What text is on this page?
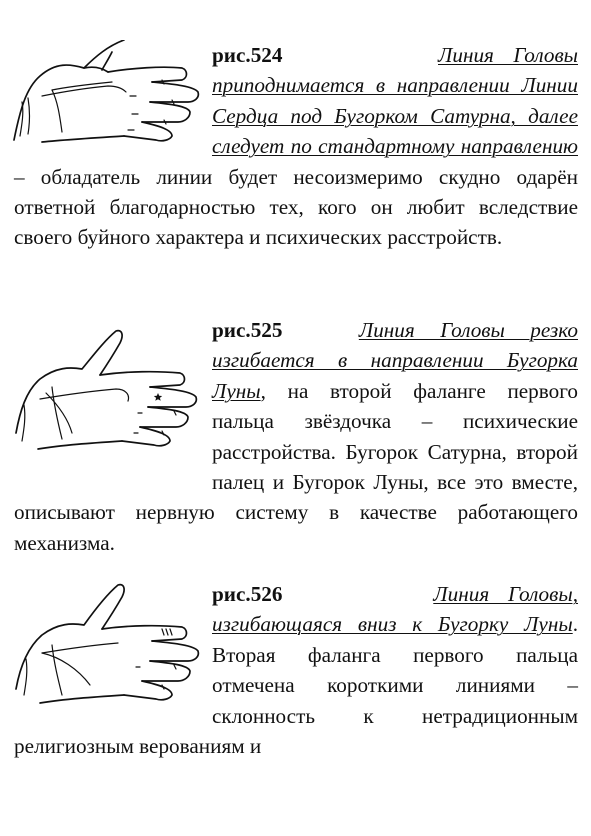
рис.524	Линия Головы приподнимается в направлении Линии Сердца под Бугорком Сатурна, далее следует по стандартному направлению – обладатель линии будет несоизмеримо скудно одарён ответной благодарностью тех, кого он любит вследствие своего буйного характера и психических расстройств.

рис.525	Линия Головы резко изгибается в направлении Бугорка Луны, на второй фаланге первого пальца звёздочка – психические расстройства. Бугорок Сатурна, второй палец и Бугорок Луны, все это вместе, описывают нервную систему в качестве работающего механизма.

рис.526	Линия Головы, изгибающаяся вниз к Бугорку Луны. Вторая фаланга первого пальца отмечена короткими линиями – склонность к нетрадиционным религиозным верованиям и
